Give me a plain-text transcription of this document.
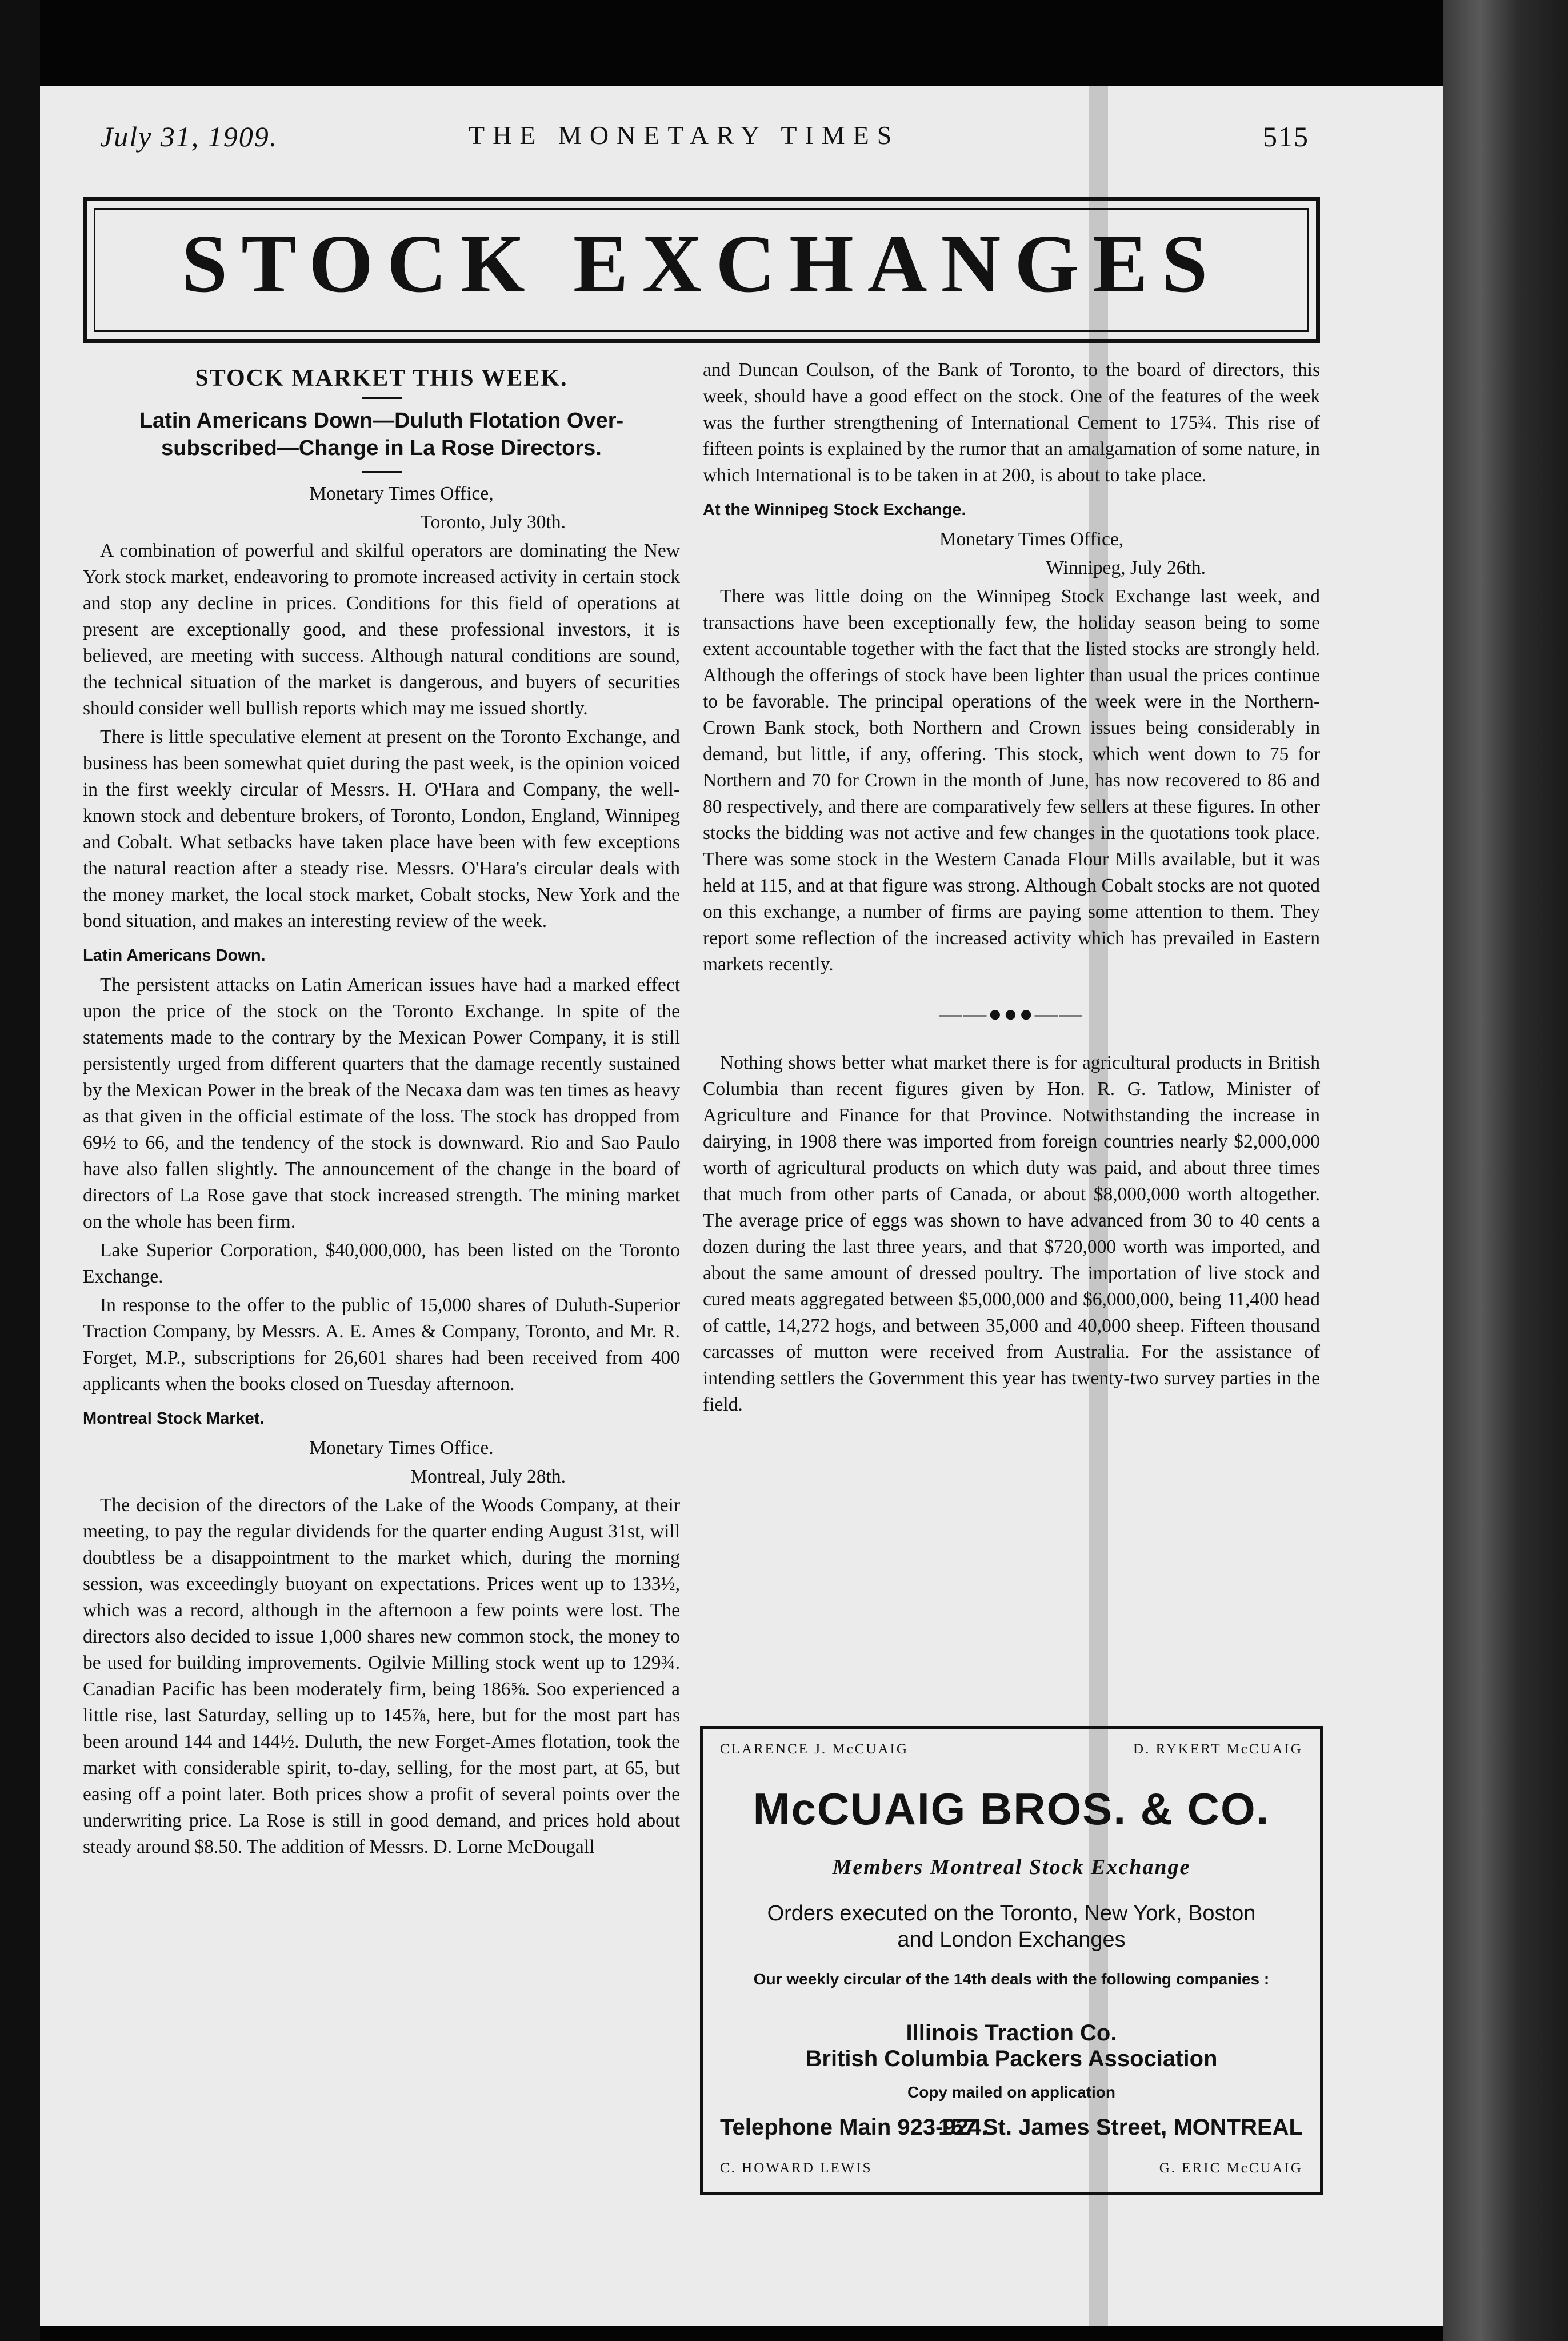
July 31, 1909.	THE MONETARY TIMES	515
STOCK EXCHANGES
STOCK MARKET THIS WEEK.
Latin Americans Down—Duluth Flotation Over-subscribed—Change in La Rose Directors.

Monetary Times Office,

Toronto, July 30th.

A combination of powerful and skilful operators are dominating the New York stock market, endeavoring to promote increased activity in certain stock and stop any decline in prices. Conditions for this field of operations at present are exceptionally good, and these professional investors, it is believed, are meeting with success. Although natural conditions are sound, the technical situation of the market is dangerous, and buyers of securities should consider well bullish reports which may me issued shortly.

There is little speculative element at present on the Toronto Exchange, and business has been somewhat quiet during the past week, is the opinion voiced in the first weekly circular of Messrs. H. O'Hara and Company, the well-known stock and debenture brokers, of Toronto, London, England, Winnipeg and Cobalt. What setbacks have taken place have been with few exceptions the natural reaction after a steady rise. Messrs. O'Hara's circular deals with the money market, the local stock market, Cobalt stocks, New York and the bond situation, and makes an interesting review of the week.

Latin Americans Down.

The persistent attacks on Latin American issues have had a marked effect upon the price of the stock on the Toronto Exchange. In spite of the statements made to the contrary by the Mexican Power Company, it is still persistently urged from different quarters that the damage recently sustained by the Mexican Power in the break of the Necaxa dam was ten times as heavy as that given in the official estimate of the loss. The stock has dropped from 69½ to 66, and the tendency of the stock is downward. Rio and Sao Paulo have also fallen slightly. The announcement of the change in the board of directors of La Rose gave that stock increased strength. The mining market on the whole has been firm.

Lake Superior Corporation, $40,000,000, has been listed on the Toronto Exchange.

In response to the offer to the public of 15,000 shares of Duluth-Superior Traction Company, by Messrs. A. E. Ames & Company, Toronto, and Mr. R. Forget, M.P., subscriptions for 26,601 shares had been received from 400 applicants when the books closed on Tuesday afternoon.

Montreal Stock Market.

Monetary Times Office.

Montreal, July 28th.

The decision of the directors of the Lake of the Woods Company, at their meeting, to pay the regular dividends for the quarter ending August 31st, will doubtless be a disappointment to the market which, during the morning session, was exceedingly buoyant on expectations. Prices went up to 133½, which was a record, although in the afternoon a few points were lost. The directors also decided to issue 1,000 shares new common stock, the money to be used for building improvements. Ogilvie Milling stock went up to 129¾. Canadian Pacific has been moderately firm, being 186⅝. Soo experienced a little rise, last Saturday, selling up to 145⅞, here, but for the most part has been around 144 and 144½. Duluth, the new Forget-Ames flotation, took the market with considerable spirit, to-day, selling, for the most part, at 65, but easing off a point later. Both prices show a profit of several points over the underwriting price. La Rose is still in good demand, and prices hold about steady around $8.50. The addition of Messrs. D. Lorne McDougall

and Duncan Coulson, of the Bank of Toronto, to the board of directors, this week, should have a good effect on the stock. One of the features of the week was the further strengthening of International Cement to 175¾. This rise of fifteen points is explained by the rumor that an amalgamation of some nature, in which International is to be taken in at 200, is about to take place.

At the Winnipeg Stock Exchange.

Monetary Times Office,

Winnipeg, July 26th.

There was little doing on the Winnipeg Stock Exchange last week, and transactions have been exceptionally few, the holiday season being to some extent accountable together with the fact that the listed stocks are strongly held. Although the offerings of stock have been lighter than usual the prices continue to be favorable. The principal operations of the week were in the Northern-Crown Bank stock, both Northern and Crown issues being considerably in demand, but little, if any, offering. This stock, which went down to 75 for Northern and 70 for Crown in the month of June, has now recovered to 86 and 80 respectively, and there are comparatively few sellers at these figures. In other stocks the bidding was not active and few changes in the quotations took place. There was some stock in the Western Canada Flour Mills available, but it was held at 115, and at that figure was strong. Although Cobalt stocks are not quoted on this exchange, a number of firms are paying some attention to them. They report some reflection of the increased activity which has prevailed in Eastern markets recently.

——●●●——

Nothing shows better what market there is for agricultural products in British Columbia than recent figures given by Hon. R. G. Tatlow, Minister of Agriculture and Finance for that Province. Notwithstanding the increase in dairying, in 1908 there was imported from foreign countries nearly $2,000,000 worth of agricultural products on which duty was paid, and about three times that much from other parts of Canada, or about $8,000,000 worth altogether. The average price of eggs was shown to have advanced from 30 to 40 cents a dozen during the last three years, and that $720,000 worth was imported, and about the same amount of dressed poultry. The importation of live stock and cured meats aggregated between $5,000,000 and $6,000,000, being 11,400 head of cattle, 14,272 hogs, and between 35,000 and 40,000 sheep. Fifteen thousand carcasses of mutton were received from Australia. For the assistance of intending settlers the Government this year has twenty-two survey parties in the field.

CLARENCE J. McCUAIG	D. RYKERT McCUAIG
McCUAIG BROS. & CO.
Members Montreal Stock Exchange
Orders executed on the Toronto, New York, Boston and London Exchanges
Our weekly circular of the 14th deals with the following companies :
Illinois Traction Co.
British Columbia Packers Association
Copy mailed on application
Telephone Main 923-924.
157 St. James Street, MONTREAL
C. HOWARD LEWIS	G. ERIC McCUAIG
